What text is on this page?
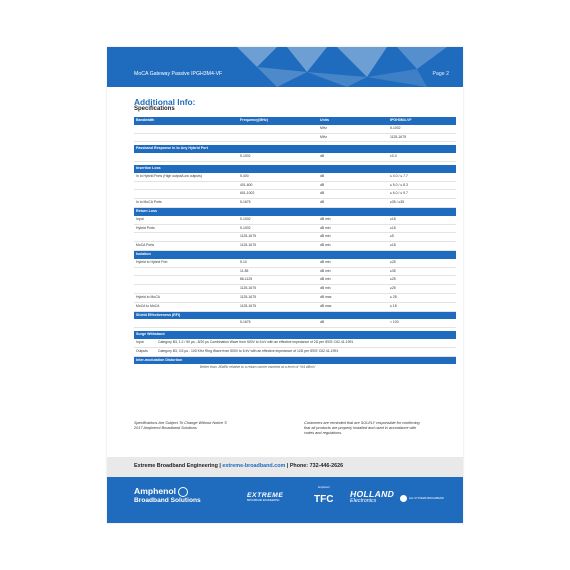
MoCA Gateway Passive IPGH3M4-VF	Page 2
Additional Info:
Specifications
Bandwidth	Frequency(MHz)	Units	IPGH3M4-VF
		MHz	5-1002
		MHz	1125-1675

Passband Response in to Any Hybrid Port
	5-1002	dB	±0.4

Insertion Loss
In to Hybrid Ports (High output/Low outputs)	5-400	dB	≤ 4.0 / ≤ 7.7
	401-600	dB	≤ 5.0 / ≤ 8.3
	601-1002	dB	≤ 6.0 / ≤ 9.7
In to MoCA Ports	5-1675	dB	≥35 / ≥35
Return Loss
Input	5-1002	dB min	≥18
Hybrid Ports	5-1002	dB min	≥18
	1125-1675	dB min	≥5
MoCA Ports	1125-1675	dB min	≥18
Isolation
Hybrid to Hybrid Port	5-10	dB min	≥25
	11-85	dB min	≥35
	86-1125	dB min	≥25
	1125-1675	dB min	≥25
Hybrid to MoCA	1125-1675	dB max	≤ 28
MoCA to MoCA	1125-1675	dB max	≤ 18
Shield Effectiveness (RFI)
	5-1675	dB	> 100

Surge Withstand
Input	Category B3, 1.2 / 50 µs - 8/20 µs Combination Wave from 500V to 6 kV with an effective impedance of 2Ω per IEEE C62.41-1991
Outputs	Category B3, 0.5 µs - 100 KHz Ring Wave from 500V to 6 kV with an effective impedance of 12Ω per IEEE C62.41-1991
Inter-modulation Distortion
Better than -80dBc relative to a return carrier inserted at a level of +64 dBmV
Specifications Are Subject To Change Without Notice ©
2017 Amphenol Broadband Solutions
Customers are reminded that are SOLELY responsible for confirming
that all products are properly installed and used in accordance with
codes and regulations.
Extreme Broadband Engineering | extreme-broadband.com | Phone: 732-446-2626
Amphenol
Broadband Solutions
EXTREME
BROADBAND ENGINEERING
Amphenol
TFC HOLLAND
Electronics	ALL SYSTEMS BROADBAND
